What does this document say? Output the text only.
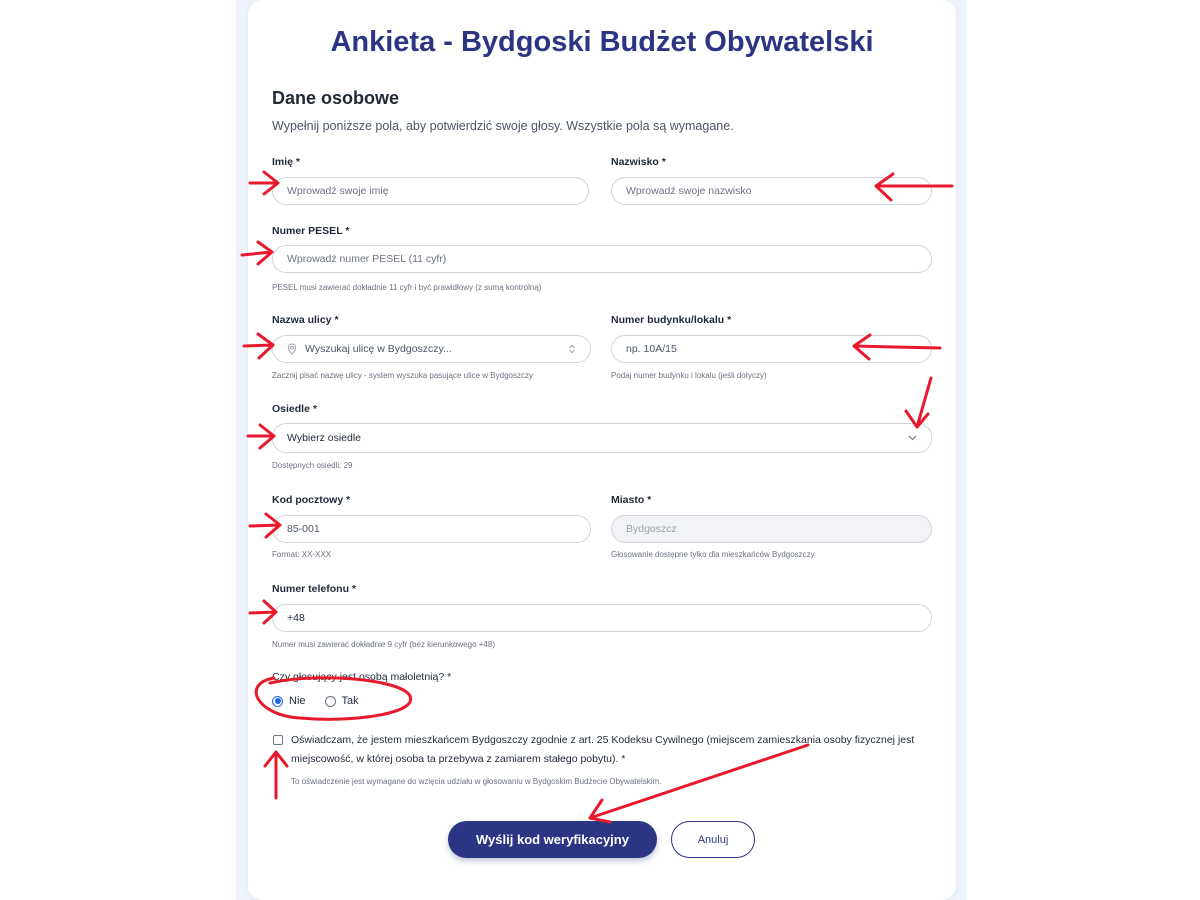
Ankieta - Bydgoski Budżet Obywatelski
Dane osobowe
Wypełnij poniższe pola, aby potwierdzić swoje głosy. Wszystkie pola są wymagane.
Imię *
Wprowadź swoje imię
Nazwisko *
Wprowadź swoje nazwisko
Numer PESEL *
Wprowadź numer PESEL (11 cyfr)
PESEL musi zawierać dokładnie 11 cyfr i być prawidłowy (z sumą kontrolną)
Nazwa ulicy *
Wyszukaj ulicę w Bydgoszczy...
Zacznij pisać nazwę ulicy - system wyszuka pasujące ulice w Bydgoszczy
Numer budynku/lokalu *
np. 10A/15
Podaj numer budynku i lokalu (jeśli dotyczy)
Osiedle *
Wybierz osiedle
Dostępnych osiedli: 29
Kod pocztowy *
85-001
Format: XX-XXX
Miasto *
Bydgoszcz
Głosowanie dostępne tylko dla mieszkańców Bydgoszczy
Numer telefonu *
+48
Numer musi zawierać dokładnie 9 cyfr (bez kierunkowego +48)
Czy głosujący jest osobą małoletnią? *
Nie	Tak
Oświadczam, że jestem mieszkańcem Bydgoszczy zgodnie z art. 25 Kodeksu Cywilnego (miejscem zamieszkania osoby fizycznej jest miejscowość, w której osoba ta przebywa z zamiarem stałego pobytu). *
To oświadczenie jest wymagane do wzięcia udziału w głosowaniu w Bydgoskim Budżecie Obywatelskim.
Wyślij kod weryfikacyjny	Anuluj
